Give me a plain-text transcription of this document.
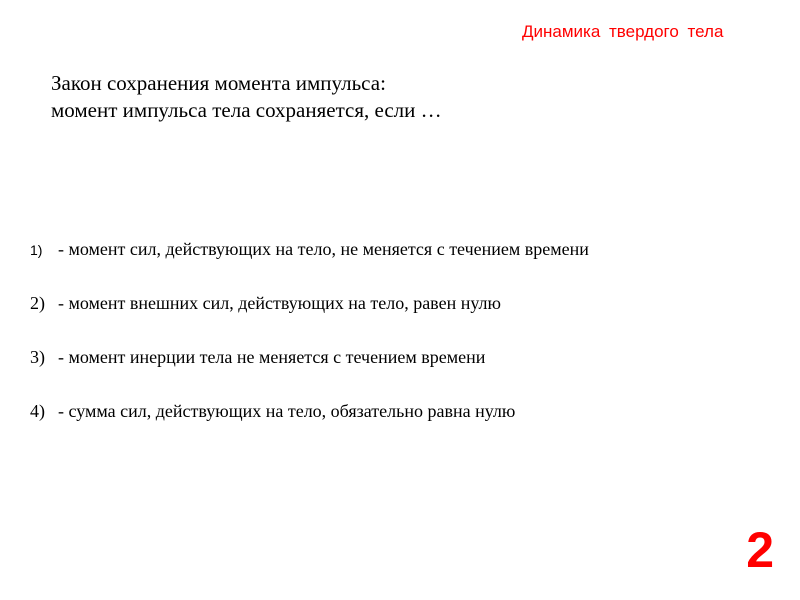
Динамика твердого тела
Закон сохранения момента импульса:
момент импульса тела сохраняется, если …
1) - момент сил, действующих на тело, не меняется с течением времени
2) - момент внешних сил, действующих на тело, равен нулю
3) - момент инерции тела не меняется с течением времени
4) - сумма сил, действующих на тело, обязательно равна нулю
2
